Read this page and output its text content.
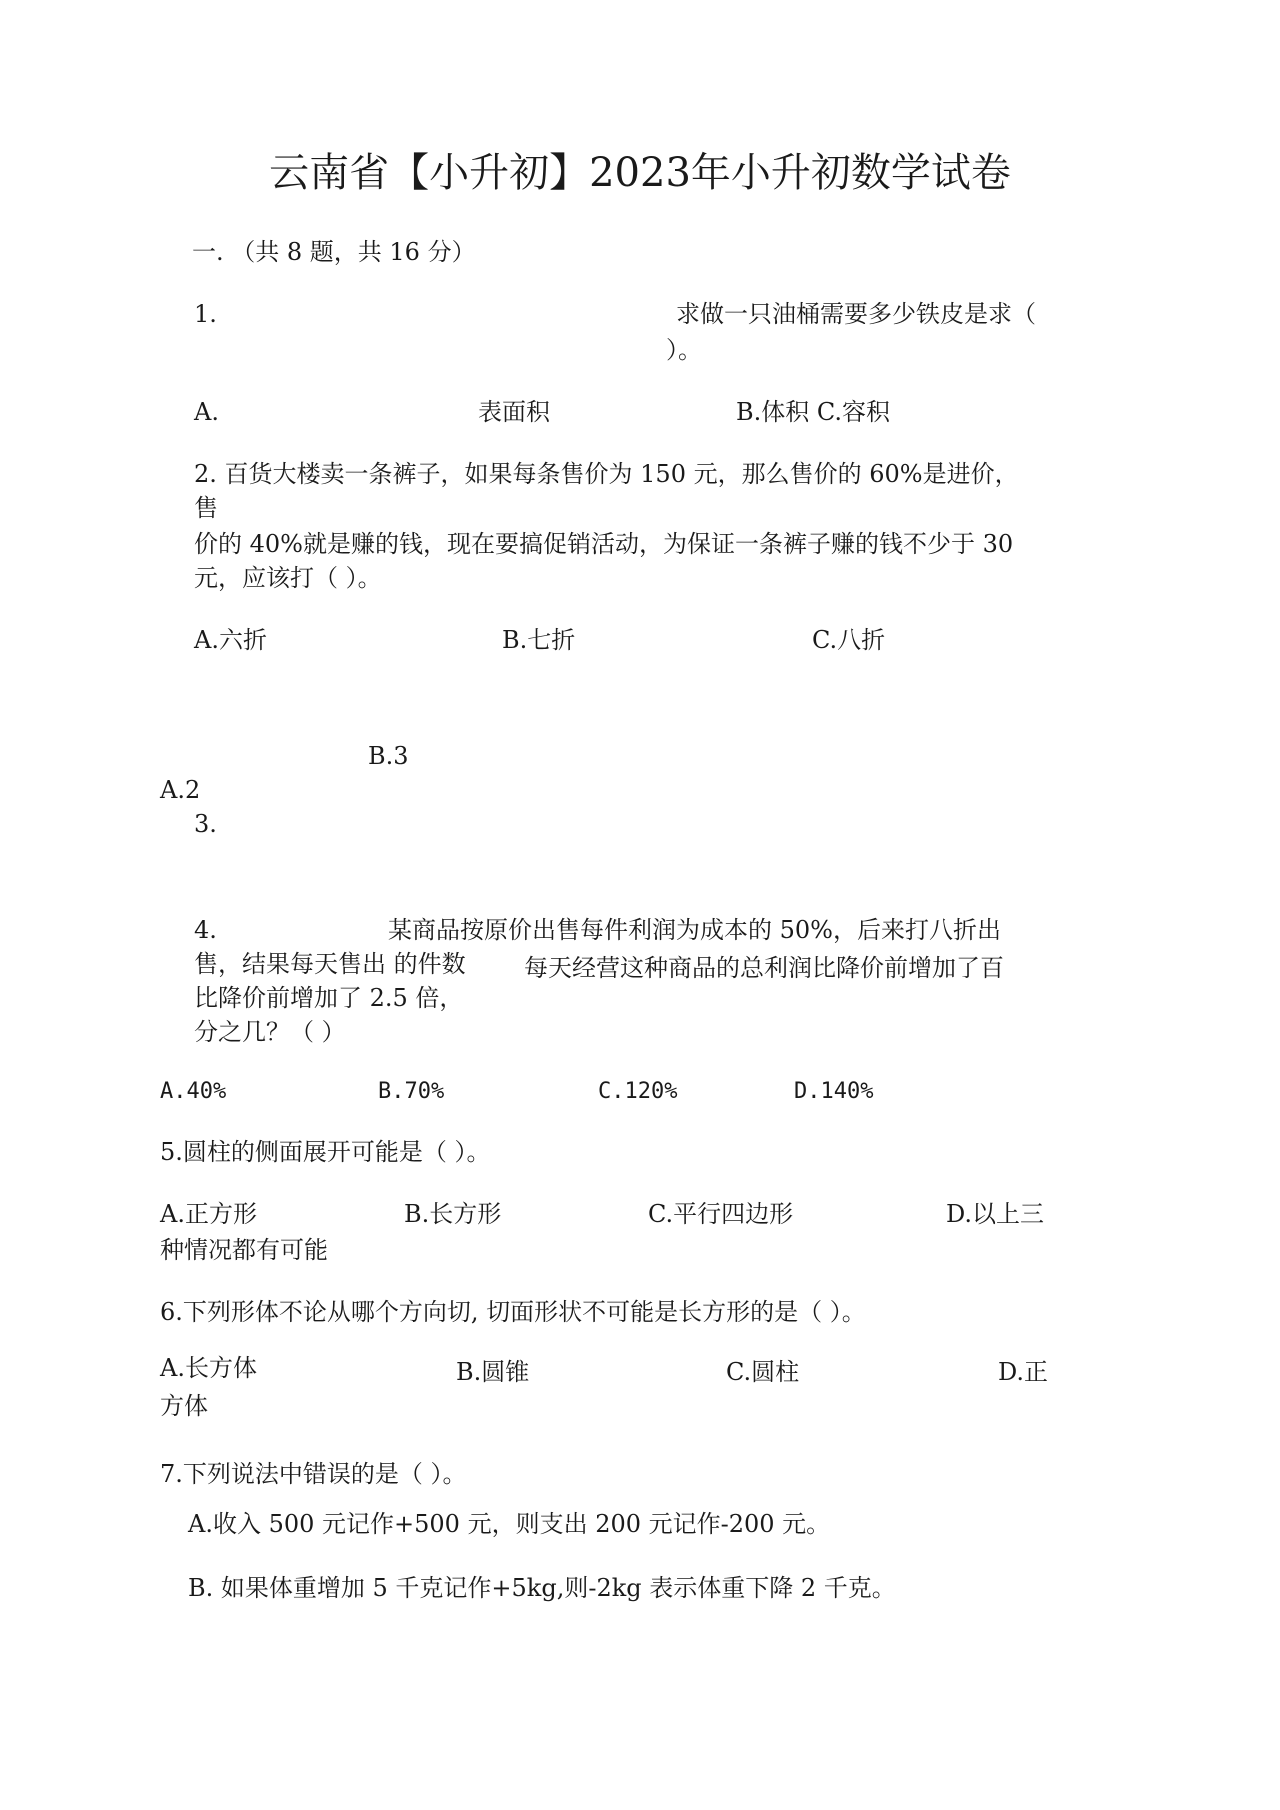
云南省【小升初】2023年小升初数学试卷
一. （共 8 题，共 16 分）
1.	求做一只油桶需要多少铁皮是求（
）。
A.	表面积	B.体积 C.容积
2. 百货大楼卖一条裤子，如果每条售价为 150 元，那么售价的 60%是进价，
售
价的 40%就是赚的钱，现在要搞促销活动，为保证一条裤子赚的钱不少于 30
元，应该打（ ）。
A.六折	B.七折	C.八折
B.3
A.2
3.
4.	某商品按原价出售每件利润为成本的 50%，后来打八折出
售，结果每天售出 的件数 每天经营这种商品的总利润比降价前增加了百
比降价前增加了 2.5 倍，
分之几？（ ）
A.40%	B.70%	C.120%	D.140%
5.圆柱的侧面展开可能是（ ）。
A.正方形	B.长方形	C.平行四边形	D.以上三
种情况都有可能
6.下列形体不论从哪个方向切, 切面形状不可能是长方形的是（ ）。
A.长方体	B.圆锥	C.圆柱	D.正
方体
7.下列说法中错误的是（ ）。
A.收入 500 元记作+500 元，则支出 200 元记作-200 元。
B. 如果体重增加 5 千克记作+5kg,则-2kg 表示体重下降 2 千克。
